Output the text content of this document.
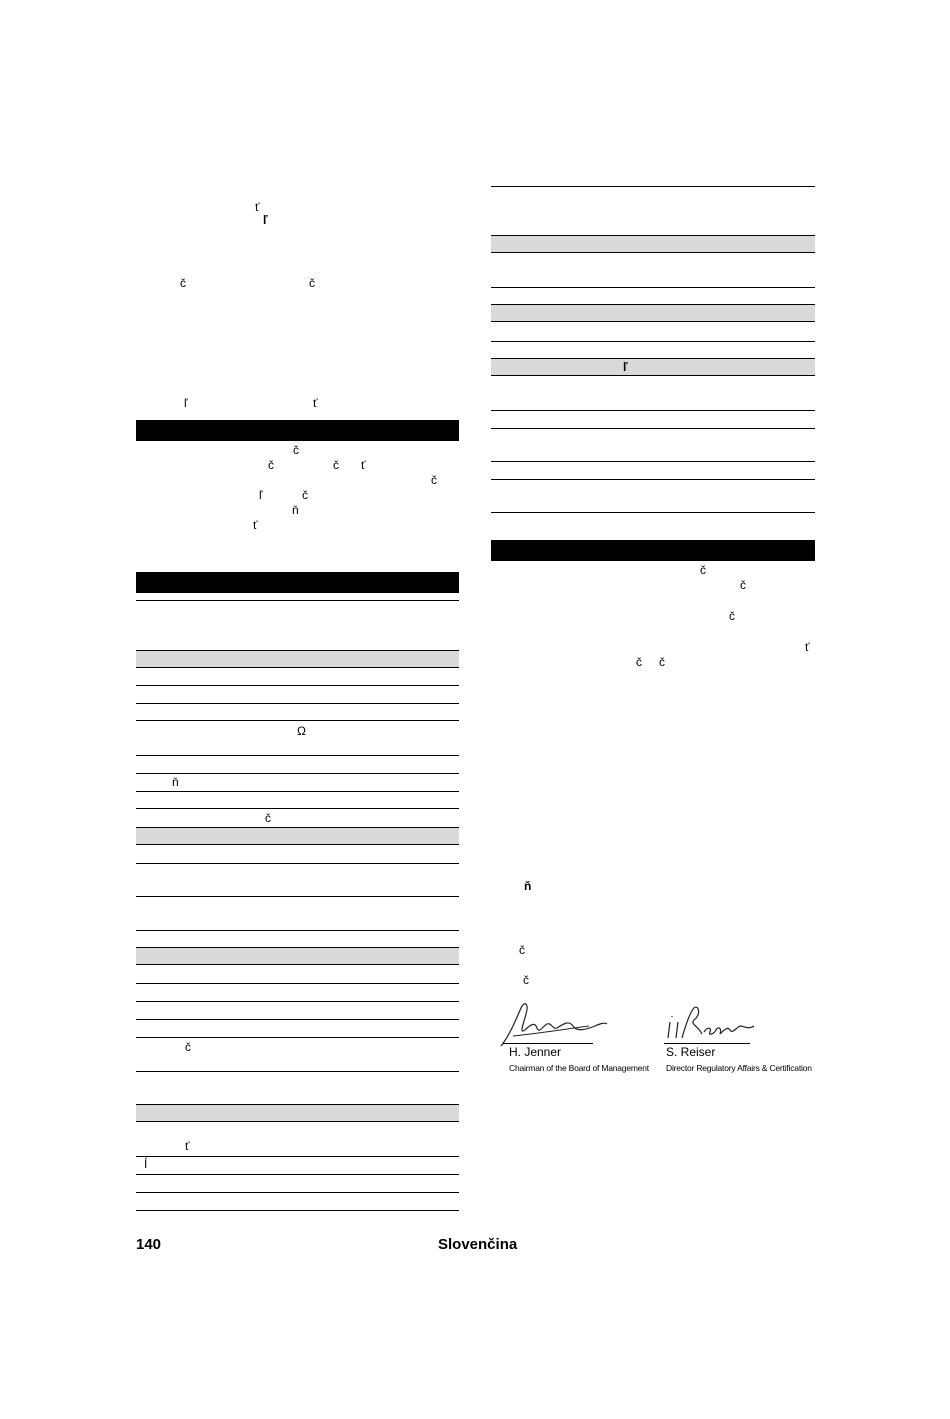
ť
ľ
č	č
ľ	ť
č
č	č ť
č
ľ	č
ň
ť
Ω
ň
č
č
ť
Í
ľ
č
č
č
ť
č č
ň
č
č
H. Jenner
Chairman of the Board of Management
S. Reiser
Director Regulatory Affairs & Certification
140	Slovenčina
